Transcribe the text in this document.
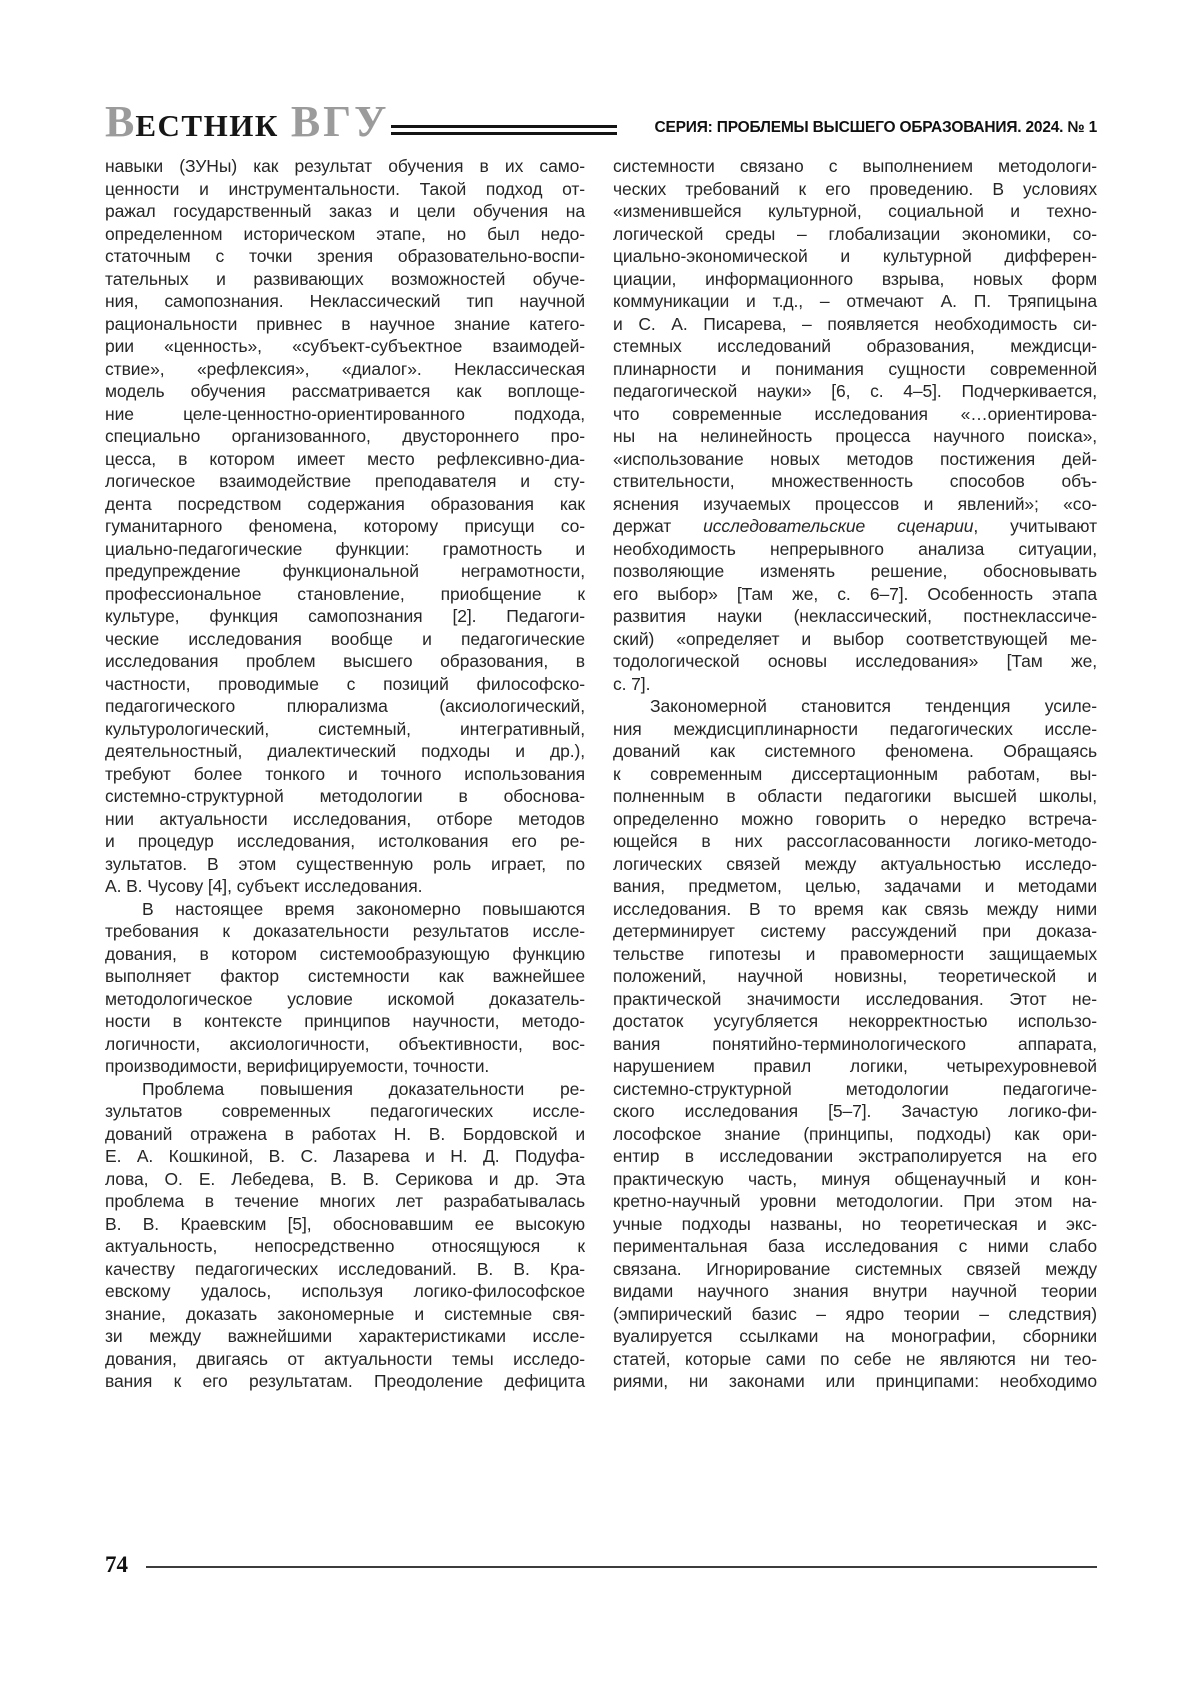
ВЕСТНИК ВГУ	СЕРИЯ: ПРОБЛЕМЫ ВЫСШЕГО ОБРАЗОВАНИЯ. 2024. № 1
навыки (ЗУНы) как результат обучения в их само-
ценности и инструментальности. Такой подход от-
ражал государственный заказ и цели обучения на
определенном историческом этапе, но был недо-
статочным с точки зрения образовательно-воспи-
тательных и развивающих возможностей обуче-
ния, самопознания. Неклассический тип научной
рациональности привнес в научное знание катего-
рии «ценность», «субъект-субъектное взаимодей-
ствие», «рефлексия», «диалог». Неклассическая
модель обучения рассматривается как воплоще-
ние целе-ценностно-ориентированного подхода,
специально организованного, двустороннего про-
цесса, в котором имеет место рефлексивно-диа-
логическое взаимодействие преподавателя и сту-
дента посредством содержания образования как
гуманитарного феномена, которому присущи со-
циально-педагогические функции: грамотность и
предупреждение функциональной неграмотности,
профессиональное становление, приобщение к
культуре, функция самопознания [2]. Педагоги-
ческие исследования вообще и педагогические
исследования проблем высшего образования, в
частности, проводимые с позиций философско-
педагогического плюрализма (аксиологический,
культурологический, системный, интегративный,
деятельностный, диалектический подходы и др.),
требуют более тонкого и точного использования
системно-структурной методологии в обоснова-
нии актуальности исследования, отборе методов
и процедур исследования, истолкования его ре-
зультатов. В этом существенную роль играет, по
А. В. Чусову [4], субъект исследования.
В настоящее время закономерно повышаются
требования к доказательности результатов иссле-
дования, в котором системообразующую функцию
выполняет фактор системности как важнейшее
методологическое условие искомой доказатель-
ности в контексте принципов научности, методо-
логичности, аксиологичности, объективности, вос-
производимости, верифицируемости, точности.
Проблема повышения доказательности ре-
зультатов современных педагогических иссле-
дований отражена в работах Н. В. Бордовской и
Е. А. Кошкиной, В. С. Лазарева и Н. Д. Подуфа-
лова, О. Е. Лебедева, В. В. Серикова и др. Эта
проблема в течение многих лет разрабатывалась
В. В. Краевским [5], обосновавшим ее высокую
актуальность, непосредственно относящуюся к
качеству педагогических исследований. В. В. Кра-
евскому удалось, используя логико-философское
знание, доказать закономерные и системные свя-
зи между важнейшими характеристиками иссле-
дования, двигаясь от актуальности темы исследо-
вания к его результатам. Преодоление дефицита
системности связано с выполнением методологи-
ческих требований к его проведению. В условиях
«изменившейся культурной, социальной и техно-
логической среды – глобализации экономики, со-
циально-экономической и культурной дифферен-
циации, информационного взрыва, новых форм
коммуникации и т.д., – отмечают А. П. Тряпицына
и С. А. Писарева, – появляется необходимость си-
стемных исследований образования, междисци-
плинарности и понимания сущности современной
педагогической науки» [6, с. 4–5]. Подчеркивается,
что современные исследования «…ориентирова-
ны на нелинейность процесса научного поиска»,
«использование новых методов постижения дей-
ствительности, множественность способов объ-
яснения изучаемых процессов и явлений»; «со-
держат исследовательские сценарии, учитывают
необходимость непрерывного анализа ситуации,
позволяющие изменять решение, обосновывать
его выбор» [Там же, с. 6–7]. Особенность этапа
развития науки (неклассический, постнеклассиче-
ский) «определяет и выбор соответствующей ме-
тодологической основы исследования» [Там же,
с. 7].
Закономерной становится тенденция усиле-
ния междисциплинарности педагогических иссле-
дований как системного феномена. Обращаясь
к современным диссертационным работам, вы-
полненным в области педагогики высшей школы,
определенно можно говорить о нередко встреча-
ющейся в них рассогласованности логико-методо-
логических связей между актуальностью исследо-
вания, предметом, целью, задачами и методами
исследования. В то время как связь между ними
детерминирует систему рассуждений при доказа-
тельстве гипотезы и правомерности защищаемых
положений, научной новизны, теоретической и
практической значимости исследования. Этот не-
достаток усугубляется некорректностью использо-
вания понятийно-терминологического аппарата,
нарушением правил логики, четырехуровневой
системно-структурной методологии педагогиче-
ского исследования [5–7]. Зачастую логико-фи-
лософское знание (принципы, подходы) как ори-
ентир в исследовании экстраполируется на его
практическую часть, минуя общенаучный и кон-
кретно-научный уровни методологии. При этом на-
учные подходы названы, но теоретическая и экс-
периментальная база исследования с ними слабо
связана. Игнорирование системных связей между
видами научного знания внутри научной теории
(эмпирический базис – ядро теории – следствия)
вуалируется ссылками на монографии, сборники
статей, которые сами по себе не являются ни тео-
риями, ни законами или принципами: необходимо
74
